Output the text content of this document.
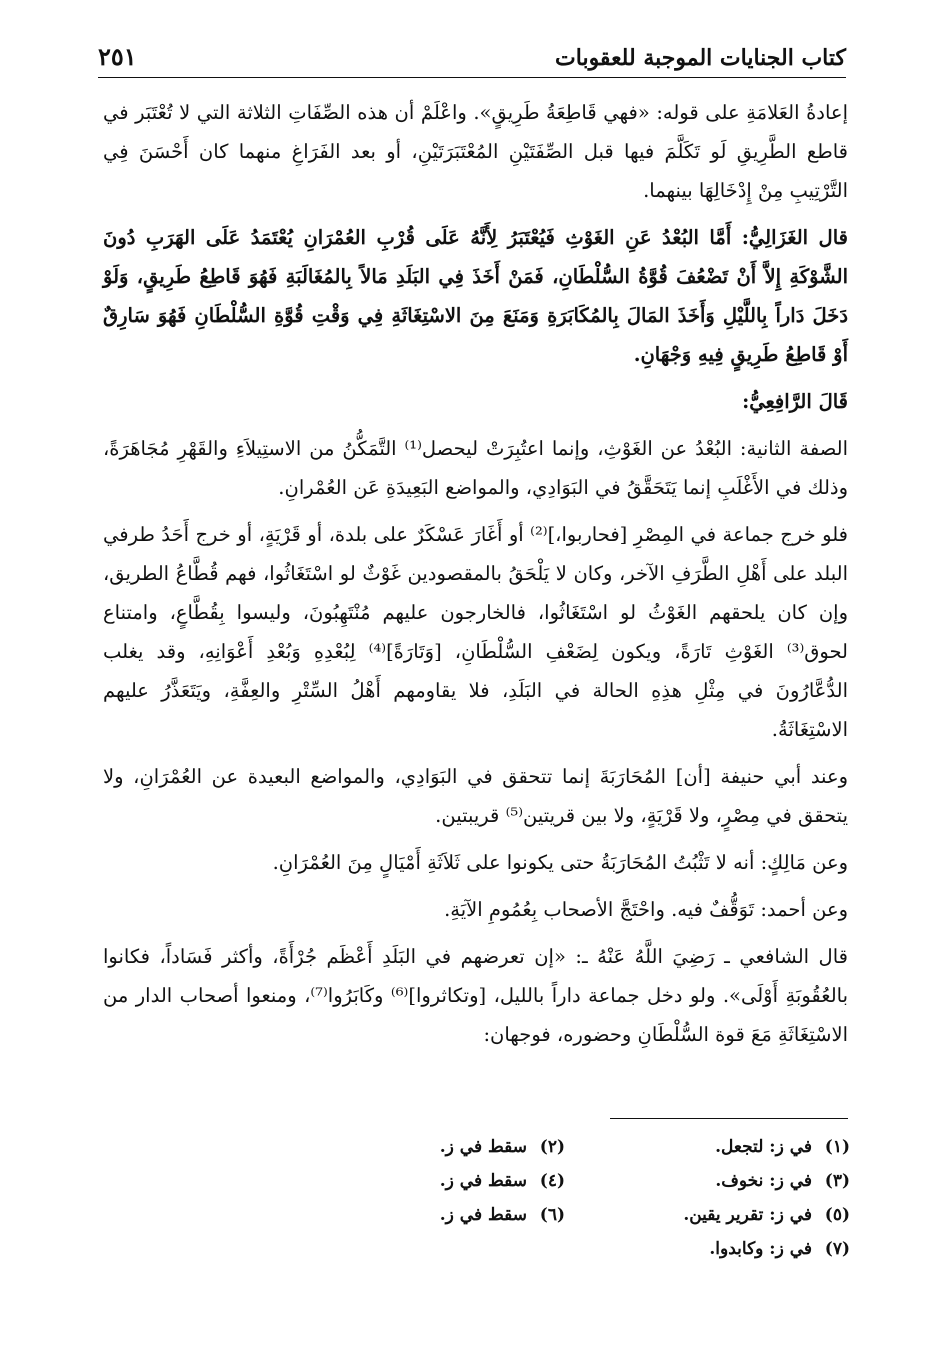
كتاب الجنايات الموجبة للعقوبات
٢٥١

إعادةُ العَلامَةِ على قوله: «فهي قَاطِعَةُ طَرِيقٍ». واعْلَمْ أن هذه الصِّفَاتِ الثلاثة التي لا تُعْتَبَر في قاطع الطَّرِيقِ لَو تَكَلَّمَ فيها قبل الصِّفَتَيْنِ المُعْتَبَرَتَيْنِ، أو بعد الفَرَاغِ منهما كان أَحْسَنَ فِي التَّرْتِيبِ مِنْ إِدْخَالِهَا بينهما.

قال الغَزَالِيُّ: أَمَّا البُعْدُ عَنِ الغَوْثِ فَيُعْتَبَرُ لِأَنَّهُ عَلَى قُرْبِ العُمْرَانِ يُعْتَمَدُ عَلَى الهَرَبِ دُونَ الشَّوْكَةِ إِلاَّ أَنْ تَضْعُفَ قُوَّةُ السُّلْطَانِ، فَمَنْ أَخَذَ فِي البَلَدِ مَالاً بِالمُغَالَبَةِ فَهُوَ قَاطِعُ طَرِيقٍ، وَلَوْ دَخَلَ دَاراً بِاللَّيْلِ وَأَخَذَ المَالَ بِالمُكَابَرَةِ وَمَنَعَ مِنَ الاسْتِغَاثَةِ فِي وَقْتِ قُوَّةِ السُّلْطَانِ فَهُوَ سَارِقٌ أَوْ قَاطِعُ طَرِيقٍ فِيهِ وَجْهَانِ.

قَالَ الرَّافِعِيُّ:

الصفة الثانية: البُعْدُ عن الغَوْثِ، وإنما اعتُبِرَتْ ليحصل⁽¹⁾ التَّمَكُّنُ من الاستِيلاَءِ والقَهْرِ مُجَاهَرَةً، وذلك في الأَغْلَبِ إنما يَتَحَقَّقُ في البَوَادِي، والمواضع البَعِيدَةِ عَن العُمْرانِ.

فلو خرج جماعة في المِصْرِ [فحاربوا،]⁽²⁾ أو أَغَارَ عَسْكَرٌ على بلدة، أو قَرْيَةٍ، أو خرج أَحَدُ طرفي البلد على أَهْلِ الطَّرَفِ الآخر، وكان لا يَلْحَقُ بالمقصودين غَوْثٌ لو اسْتَغَاثُوا، فهم قُطَّاعُ الطريق، وإن كان يلحقهم الغَوْثُ لو اسْتَغَاثُوا، فالخارجون عليهم مُنْتَهِبُونَ، وليسوا بِقُطَّاعٍ، وامتناع لحوق⁽³⁾ الغَوْثِ تَارَةً، ويكون لِضَعْفِ السُّلْطَانِ، [وَتَارَةً]⁽⁴⁾ لِبُعْدِهِ وَبُعْدِ أَعْوَانِهِ، وقد يغلب الدُّعَّارُونَ في مِثْلِ هذِهِ الحالة في البَلَدِ، فلا يقاومهم أَهْلُ السِّتْرِ والعِفَّةِ، ويَتَعَذَّرُ عليهم الاسْتِغَاثَةُ.

وعند أبي حنيفة [أن] المُحَارَبَةَ إنما تتحقق في البَوَادِي، والمواضع البعيدة عن العُمْرَانِ، ولا يتحقق في مِصْرٍ، ولا قَرْيَةٍ، ولا بين قريتين⁽⁵⁾ قريبتين.

وعن مَالِكٍ: أنه لا تَثْبُتُ المُحَارَبَةُ حتى يكونوا على ثَلاَثَةِ أَمْيَالٍ مِنَ العُمْرَانِ.

وعن أحمد: تَوَقُّفٌ فيه. واحْتَجَّ الأصحاب بِعُمُومِ الآيَةِ.

قال الشافعي ـ رَضِيَ اللَّهُ عَنْهُ ـ: «إن تعرضهم في البَلَدِ أَعْظَم جُرْأَةً، وأكثر فَسَاداً، فكانوا بالعُقُوبَةِ أَوْلَى». ولو دخل جماعة داراً بالليل، [وتكاثروا]⁽⁶⁾ وكَابَرُوا⁽⁷⁾، ومنعوا أصحاب الدار من الاسْتِغَاثَةِ مَعَ قوة السُّلْطَانِ وحضوره، فوجهان:

(١)
في ز: لتجعل.
(٢)
سقط في ز.
(٣)
في ز: نخوف.
(٤)
سقط في ز.
(٥)
في ز: تقرير يقين.
(٦)
سقط في ز.
(٧)
في ز: وكابدوا.
